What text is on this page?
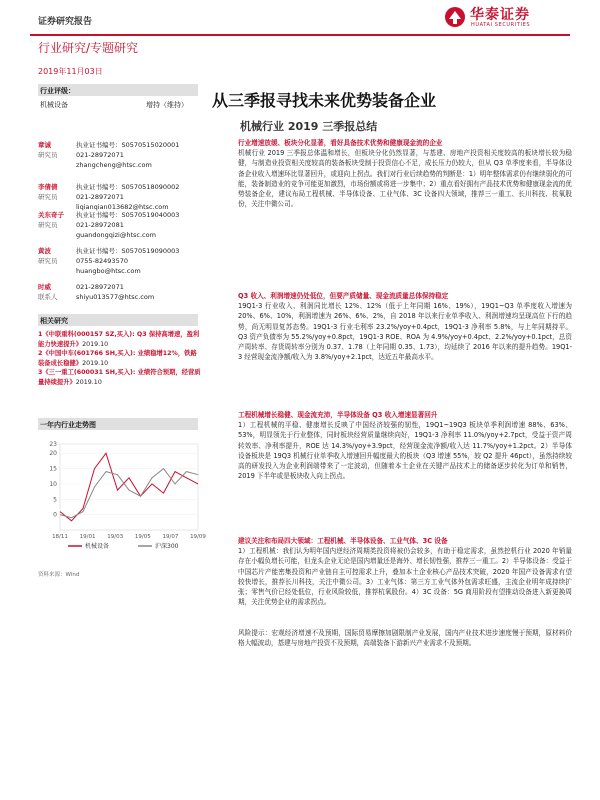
证券研究报告	华泰证券
HUATAI SECURITIES
行业研究/专题研究
2019年11月03日
行业评级：
机械设备	增持（维持）
章诚
研究员
执业证书编号：S0570515020001
021-28972071
zhangcheng@htsc.com
李倩倩
研究员
执业证书编号：S0570518090002
021-28972071
liqianqian013682@htsc.com
关东奇子
研究员
执业证书编号：S0570519040003
021-28972081
guandongqizi@htsc.com
黄波
研究员
执业证书编号：S0570519090003
0755-82493570
huangbo@htsc.com
时威
联系人
021-28972071
shiyu013577@htsc.com
相关研究
1《中联重科(000157 SZ,买入): Q3 保持高增速，盈利能力快速提升》2019.10
2《中国中车(601766 SH,买入): 业绩稳增12%，铁路装备成长稳健》2019.10
3《三一重工(600031 SH,买入): 业绩符合预期，经营质量持续提升》2019.10
一年内行业走势图
0
5
10
15
20
23
18/11 19/01 19/03 19/05 19/07 19/09
机械设备	沪深300
资料来源：Wind
从三季报寻找未来优势装备企业
机械行业 2019 三季报总结

行业增速放缓、板块分化显著，看好具备技术优势和健康现金流的企业

机械行业 2019 三季报总体温和增长，但板块分化仍然显著，与基建、房地产投资相关度较高的板块增长较为稳健，与制造业投资相关度较高的装备板块受制于投资信心不足，成长压力仍较大，但从 Q3 单季度来看，半导体设备企业收入增速环比显著回升，或迎向上拐点。我们对行业后续趋势的判断是：1）明年整体需求仍有继续弱化的可能，装备制造业的竞争可能更加激烈，市场份额或将进一步集中；2）重点看好拥有产品技术优势和健康现金流的优势装备企业，建议布局工程机械、半导体设备、工业气体、3C 设备四大领域，推荐三一重工、长川科技、杭氧股份，关注中微公司。

Q3 收入、利润增速仍处低位，但要产质储量、现金流质量总体保持稳定

19Q1-3 行业收入、利润同比增长 12%、12%（低于上年同期 16%、19%），19Q1~Q3 单季度收入增速为 20%、6%、10%，利润增速为 26%、6%、2%，自 2018 年以来行业单季收入、利润增速均呈现高位下行的趋势，尚无明显复苏态势。19Q1-3 行业毛利率 23.2%/yoy+0.4pct，19Q1-3 净利率 5.8%，与上年同期持平。Q3 资产负债率为 55.2%/yoy+0.8pct，19Q1-3 ROE、ROA 为 4.9%/yoy+0.4pct、2.2%/yoy+0.1pct，总资产周转率、存货周转率分别为 0.37、1.78（上年同期 0.35、1.73），均延续了 2016 年以来的提升趋势。19Q1-3 经营现金流净额/收入为 3.8%/yoy+2.1pct，达近五年最高水平。

工程机械增长稳健、现金流充沛，半导体设备 Q3 收入增速显著回升

1）工程机械的平稳、健康增长反映了中国经济较强的韧性，19Q1~19Q3 板块单季利润增速 88%、63%、53%，明显领先于行业整体，同时板块经营质量继续向好，19Q1-3 净利率 11.0%/yoy+2.7pct，受益于资产周转效率、净利率提升，ROE 达 14.3%/yoy+3.9pct，经营现金流净额/收入达 11.7%/yoy+1.2pct。2）半导体设备板块是 19Q3 机械行业单季收入增速回升幅度最大的板块（Q3 增速 55%，较 Q2 提升 46pct），虽然持续较高的研发投入为企业利润端带来了一定波动，但随着本土企业在关键产品技术上的储备逐步转化为订单和销售，2019 下半年或是板块收入向上拐点。

建议关注和布局四大领域：工程机械、半导体设备、工业气体、3C 设备

1）工程机械：我们认为明年国内逆经济周期类投资将被仍会较多，有助于稳定需求，虽然挖机行业 2020 年销量存在小幅负增长可能，但龙头企业无论是国内增量还是海外、增长韧性强，推荐三一重工。2）半导体设备：受益于中国芯片产能密集投资和产业链自主可控需求上升，叠加本土企业核心产品技术突破，2020 年国产设备需求有望较快增长，推荐长川科技，关注中微公司。3）工业气体：第三方工业气体外包需求旺盛，主流企业明年成持续扩张；零售气价已经处低位，行业风险较低，推荐杭氧股份。4）3C 设备：5G 商用阶段有望推动设备进入新更换周期，关注优势企业的需求拐点。

风险提示：宏观经济增速不及预期，国际贸易摩擦加剧限制产业发展，国内产业技术进步速度慢于预期，原材料价格大幅波动，基建与房地产投资不及预期，高端装备下游新兴产业需求不及预期。
